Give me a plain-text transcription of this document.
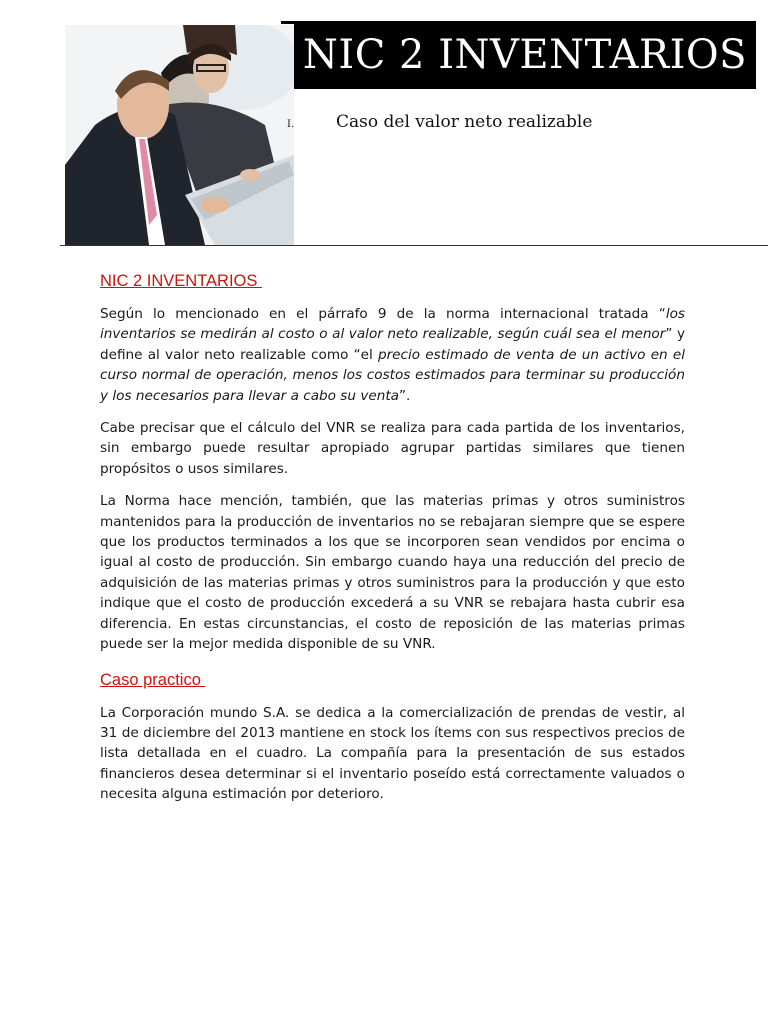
NIC 2 INVENTARIOS
I.	Caso del valor neto realizable
NIC 2 INVENTARIOS

Según lo mencionado en el párrafo 9 de la norma internacional tratada “los inventarios se medirán al costo o al valor neto realizable, según cuál sea el menor” y define al valor neto realizable como “el precio estimado de venta de un activo en el curso normal de operación, menos los costos estimados para terminar su producción y los necesarios para llevar a cabo su venta”.

Cabe precisar que el cálculo del VNR se realiza para cada partida de los inventarios, sin embargo puede resultar apropiado agrupar partidas similares que tienen propósitos o usos similares.

La Norma hace mención, también, que las materias primas y otros suministros mantenidos para la producción de inventarios no se rebajaran siempre que se espere que los productos terminados a los que se incorporen sean vendidos por encima o igual al costo de producción. Sin embargo cuando haya una reducción del precio de adquisición de las materias primas y otros suministros para la producción y que esto indique que el costo de producción excederá a su VNR se rebajara hasta cubrir esa diferencia. En estas circunstancias, el costo de reposición de las materias primas puede ser la mejor medida disponible de su VNR.

Caso practico

La Corporación mundo S.A. se dedica a la comercialización de prendas de vestir, al 31 de diciembre del 2013 mantiene en stock los ítems con sus respectivos precios de lista detallada en el cuadro. La compañía para la presentación de sus estados financieros desea determinar si el inventario poseído está correctamente valuados o necesita alguna estimación por deterioro.
